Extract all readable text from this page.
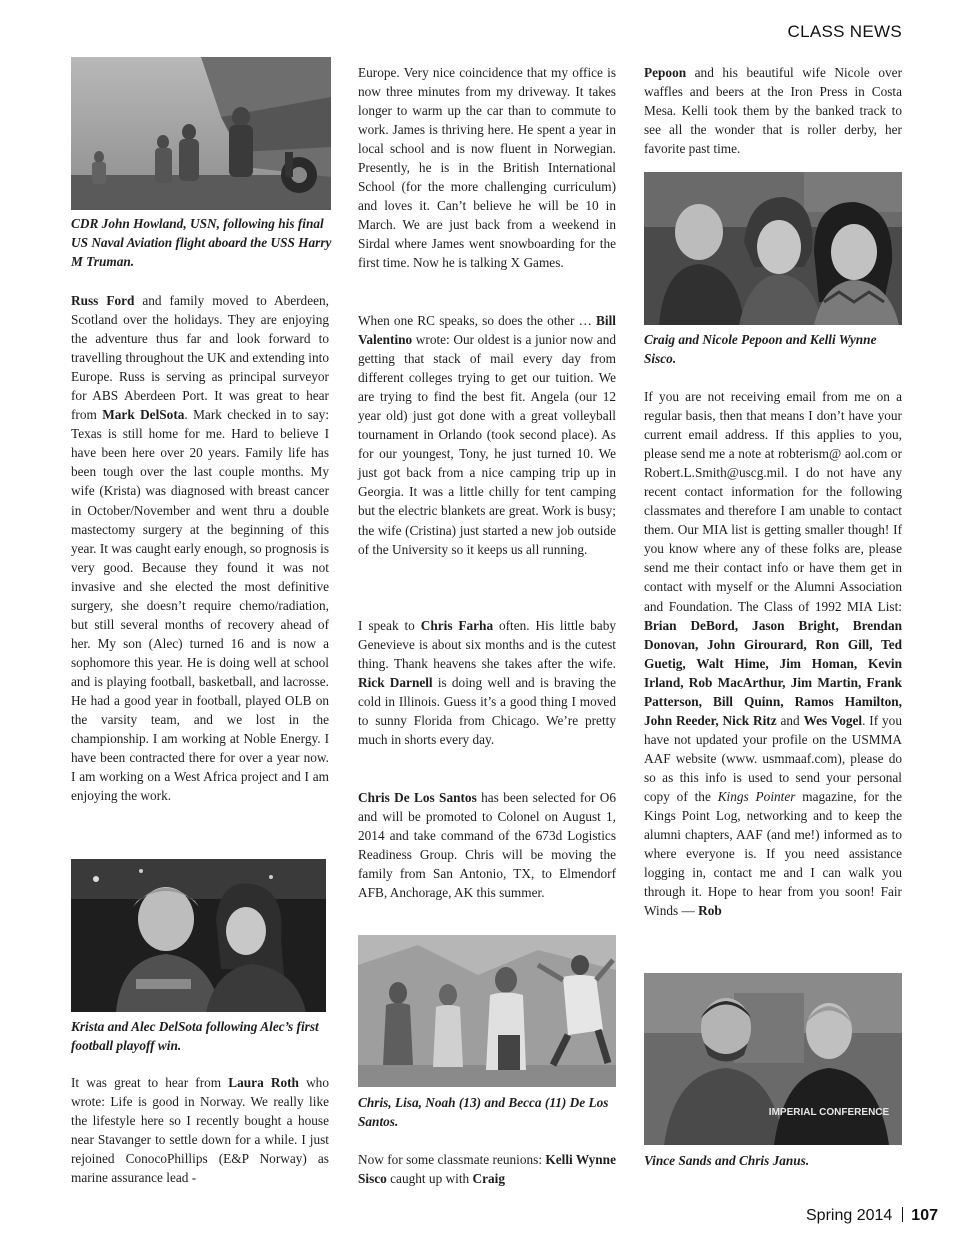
CLASS NEWS

CDR John Howland, USN, following his final US Naval Aviation flight aboard the USS Harry M Truman.

Russ Ford and family moved to Aberdeen, Scotland over the holidays. They are enjoying the adventure thus far and look forward to travelling throughout the UK and extending into Europe. Russ is serving as principal surveyor for ABS Aberdeen Port. It was great to hear from Mark DelSota. Mark checked in to say: Texas is still home for me. Hard to believe I have been here over 20 years. Family life has been tough over the last couple months. My wife (Krista) was diagnosed with breast cancer in October/November and went thru a double mastectomy surgery at the beginning of this year. It was caught early enough, so prognosis is very good. Because they found it was not invasive and she elected the most definitive surgery, she doesn’t require chemo/radiation, but still several months of recovery ahead of her. My son (Alec) turned 16 and is now a sophomore this year. He is doing well at school and is playing football, basketball, and lacrosse. He had a good year in football, played OLB on the varsity team, and we lost in the championship. I am working at Noble Energy. I have been contracted there for over a year now. I am working on a West Africa project and I am enjoying the work.

Krista and Alec DelSota following Alec’s first football playoff win.

It was great to hear from Laura Roth who wrote: Life is good in Norway. We really like the lifestyle here so I recently bought a house near Stavanger to settle down for a while. I just rejoined ConocoPhillips (E&P Norway) as marine assurance lead -

Europe. Very nice coincidence that my office is now three minutes from my driveway. It takes longer to warm up the car than to commute to work. James is thriving here. He spent a year in local school and is now fluent in Norwegian. Presently, he is in the British International School (for the more challenging curriculum) and loves it. Can’t believe he will be 10 in March. We are just back from a weekend in Sirdal where James went snowboarding for the first time. Now he is talking X Games.

When one RC speaks, so does the other … Bill Valentino wrote: Our oldest is a junior now and getting that stack of mail every day from different colleges trying to get our tuition. We are trying to find the best fit. Angela (our 12 year old) just got done with a great volleyball tournament in Orlando (took second place). As for our youngest, Tony, he just turned 10. We just got back from a nice camping trip up in Georgia. It was a little chilly for tent camping but the electric blankets are great. Work is busy; the wife (Cristina) just started a new job outside of the University so it keeps us all running.

I speak to Chris Farha often. His little baby Genevieve is about six months and is the cutest thing. Thank heavens she takes after the wife. Rick Darnell is doing well and is braving the cold in Illinois. Guess it’s a good thing I moved to sunny Florida from Chicago. We’re pretty much in shorts every day.

Chris De Los Santos has been selected for O6 and will be promoted to Colonel on August 1, 2014 and take command of the 673d Logistics Readiness Group. Chris will be moving the family from San Antonio, TX, to Elmendorf AFB, Anchorage, AK this summer.

Chris, Lisa, Noah (13) and Becca (11) De Los Santos.

Now for some classmate reunions: Kelli Wynne Sisco caught up with Craig

Pepoon and his beautiful wife Nicole over waffles and beers at the Iron Press in Costa Mesa. Kelli took them by the banked track to see all the wonder that is roller derby, her favorite past time.

Craig and Nicole Pepoon and Kelli Wynne Sisco.

If you are not receiving email from me on a regular basis, then that means I don’t have your current email address. If this applies to you, please send me a note at robterism@ aol.com or Robert.L.Smith@uscg.mil. I do not have any recent contact information for the following classmates and therefore I am unable to contact them. Our MIA list is getting smaller though! If you know where any of these folks are, please send me their contact info or have them get in contact with myself or the Alumni Association and Foundation. The Class of 1992 MIA List: Brian DeBord, Jason Bright, Brendan Donovan, John Girourard, Ron Gill, Ted Guetig, Walt Hime, Jim Homan, Kevin Irland, Rob MacArthur, Jim Martin, Frank Patterson, Bill Quinn, Ramos Hamilton, John Reeder, Nick Ritz and Wes Vogel. If you have not updated your profile on the USMMA AAF website (www. usmmaaf.com), please do so as this info is used to send your personal copy of the Kings Pointer magazine, for the Kings Point Log, networking and to keep the alumni chapters, AAF (and me!) informed as to where everyone is. If you need assistance logging in, contact me and I can walk you through it. Hope to hear from you soon! Fair Winds — Rob

IMPERIAL CONFERENCE

Vince Sands and Chris Janus.

Spring 2014 107
